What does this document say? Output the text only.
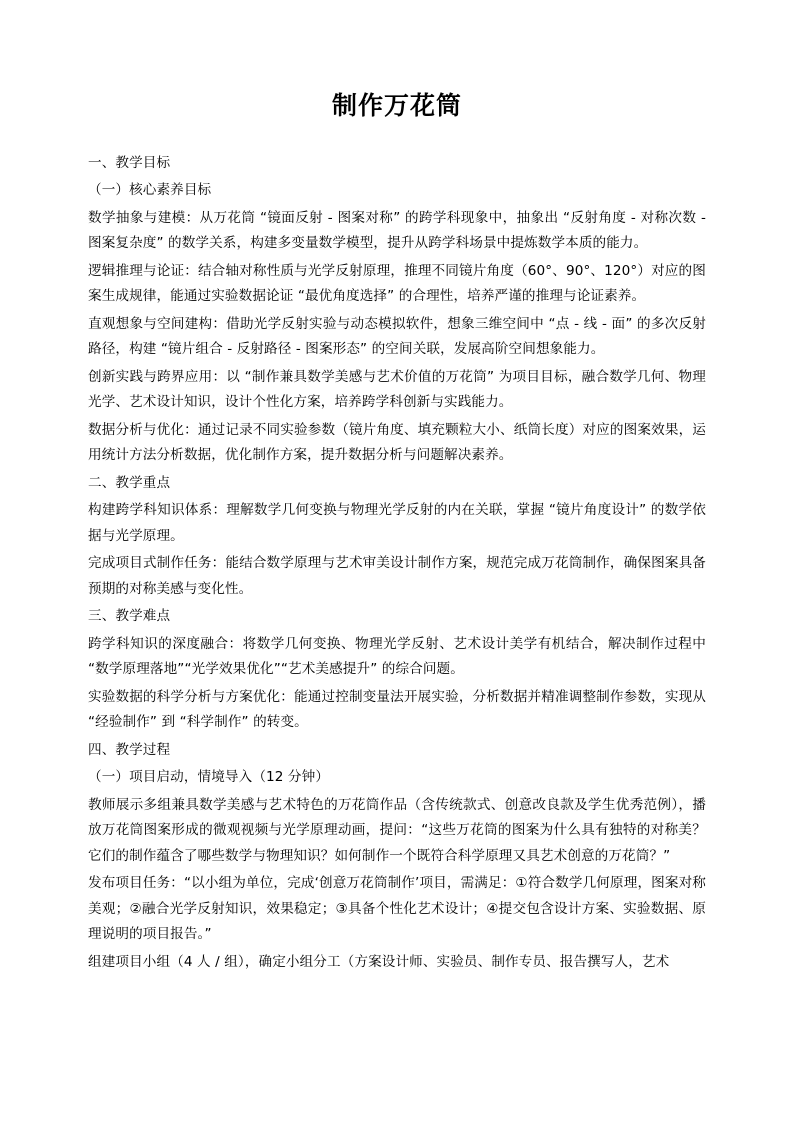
制作万花筒

一、教学目标

（一）核心素养目标

数学抽象与建模：从万花筒 “镜面反射 - 图案对称” 的跨学科现象中，抽象出 “反射角度 - 对称次数 - 图案复杂度” 的数学关系，构建多变量数学模型，提升从跨学科场景中提炼数学本质的能力。

逻辑推理与论证：结合轴对称性质与光学反射原理，推理不同镜片角度（60°、90°、120°）对应的图案生成规律，能通过实验数据论证 “最优角度选择” 的合理性，培养严谨的推理与论证素养。

直观想象与空间建构：借助光学反射实验与动态模拟软件，想象三维空间中 “点 - 线 - 面” 的多次反射路径，构建 “镜片组合 - 反射路径 - 图案形态” 的空间关联，发展高阶空间想象能力。

创新实践与跨界应用：以 “制作兼具数学美感与艺术价值的万花筒” 为项目目标，融合数学几何、物理光学、艺术设计知识，设计个性化方案，培养跨学科创新与实践能力。

数据分析与优化：通过记录不同实验参数（镜片角度、填充颗粒大小、纸筒长度）对应的图案效果，运用统计方法分析数据，优化制作方案，提升数据分析与问题解决素养。

二、教学重点

构建跨学科知识体系：理解数学几何变换与物理光学反射的内在关联，掌握 “镜片角度设计” 的数学依据与光学原理。

完成项目式制作任务：能结合数学原理与艺术审美设计制作方案，规范完成万花筒制作，确保图案具备预期的对称美感与变化性。

三、教学难点

跨学科知识的深度融合：将数学几何变换、物理光学反射、艺术设计美学有机结合，解决制作过程中 “数学原理落地”“光学效果优化”“艺术美感提升” 的综合问题。

实验数据的科学分析与方案优化：能通过控制变量法开展实验，分析数据并精准调整制作参数，实现从 “经验制作” 到 “科学制作” 的转变。

四、教学过程

（一）项目启动，情境导入（12 分钟）

教师展示多组兼具数学美感与艺术特色的万花筒作品（含传统款式、创意改良款及学生优秀范例），播放万花筒图案形成的微观视频与光学原理动画，提问：“这些万花筒的图案为什么具有独特的对称美？它们的制作蕴含了哪些数学与物理知识？如何制作一个既符合科学原理又具艺术创意的万花筒？”

发布项目任务：“以小组为单位，完成‘创意万花筒制作’项目，需满足：①符合数学几何原理，图案对称美观；②融合光学反射知识，效果稳定；③具备个性化艺术设计；④提交包含设计方案、实验数据、原理说明的项目报告。”

组建项目小组（4 人 / 组），确定小组分工（方案设计师、实验员、制作专员、报告撰写人，艺术
